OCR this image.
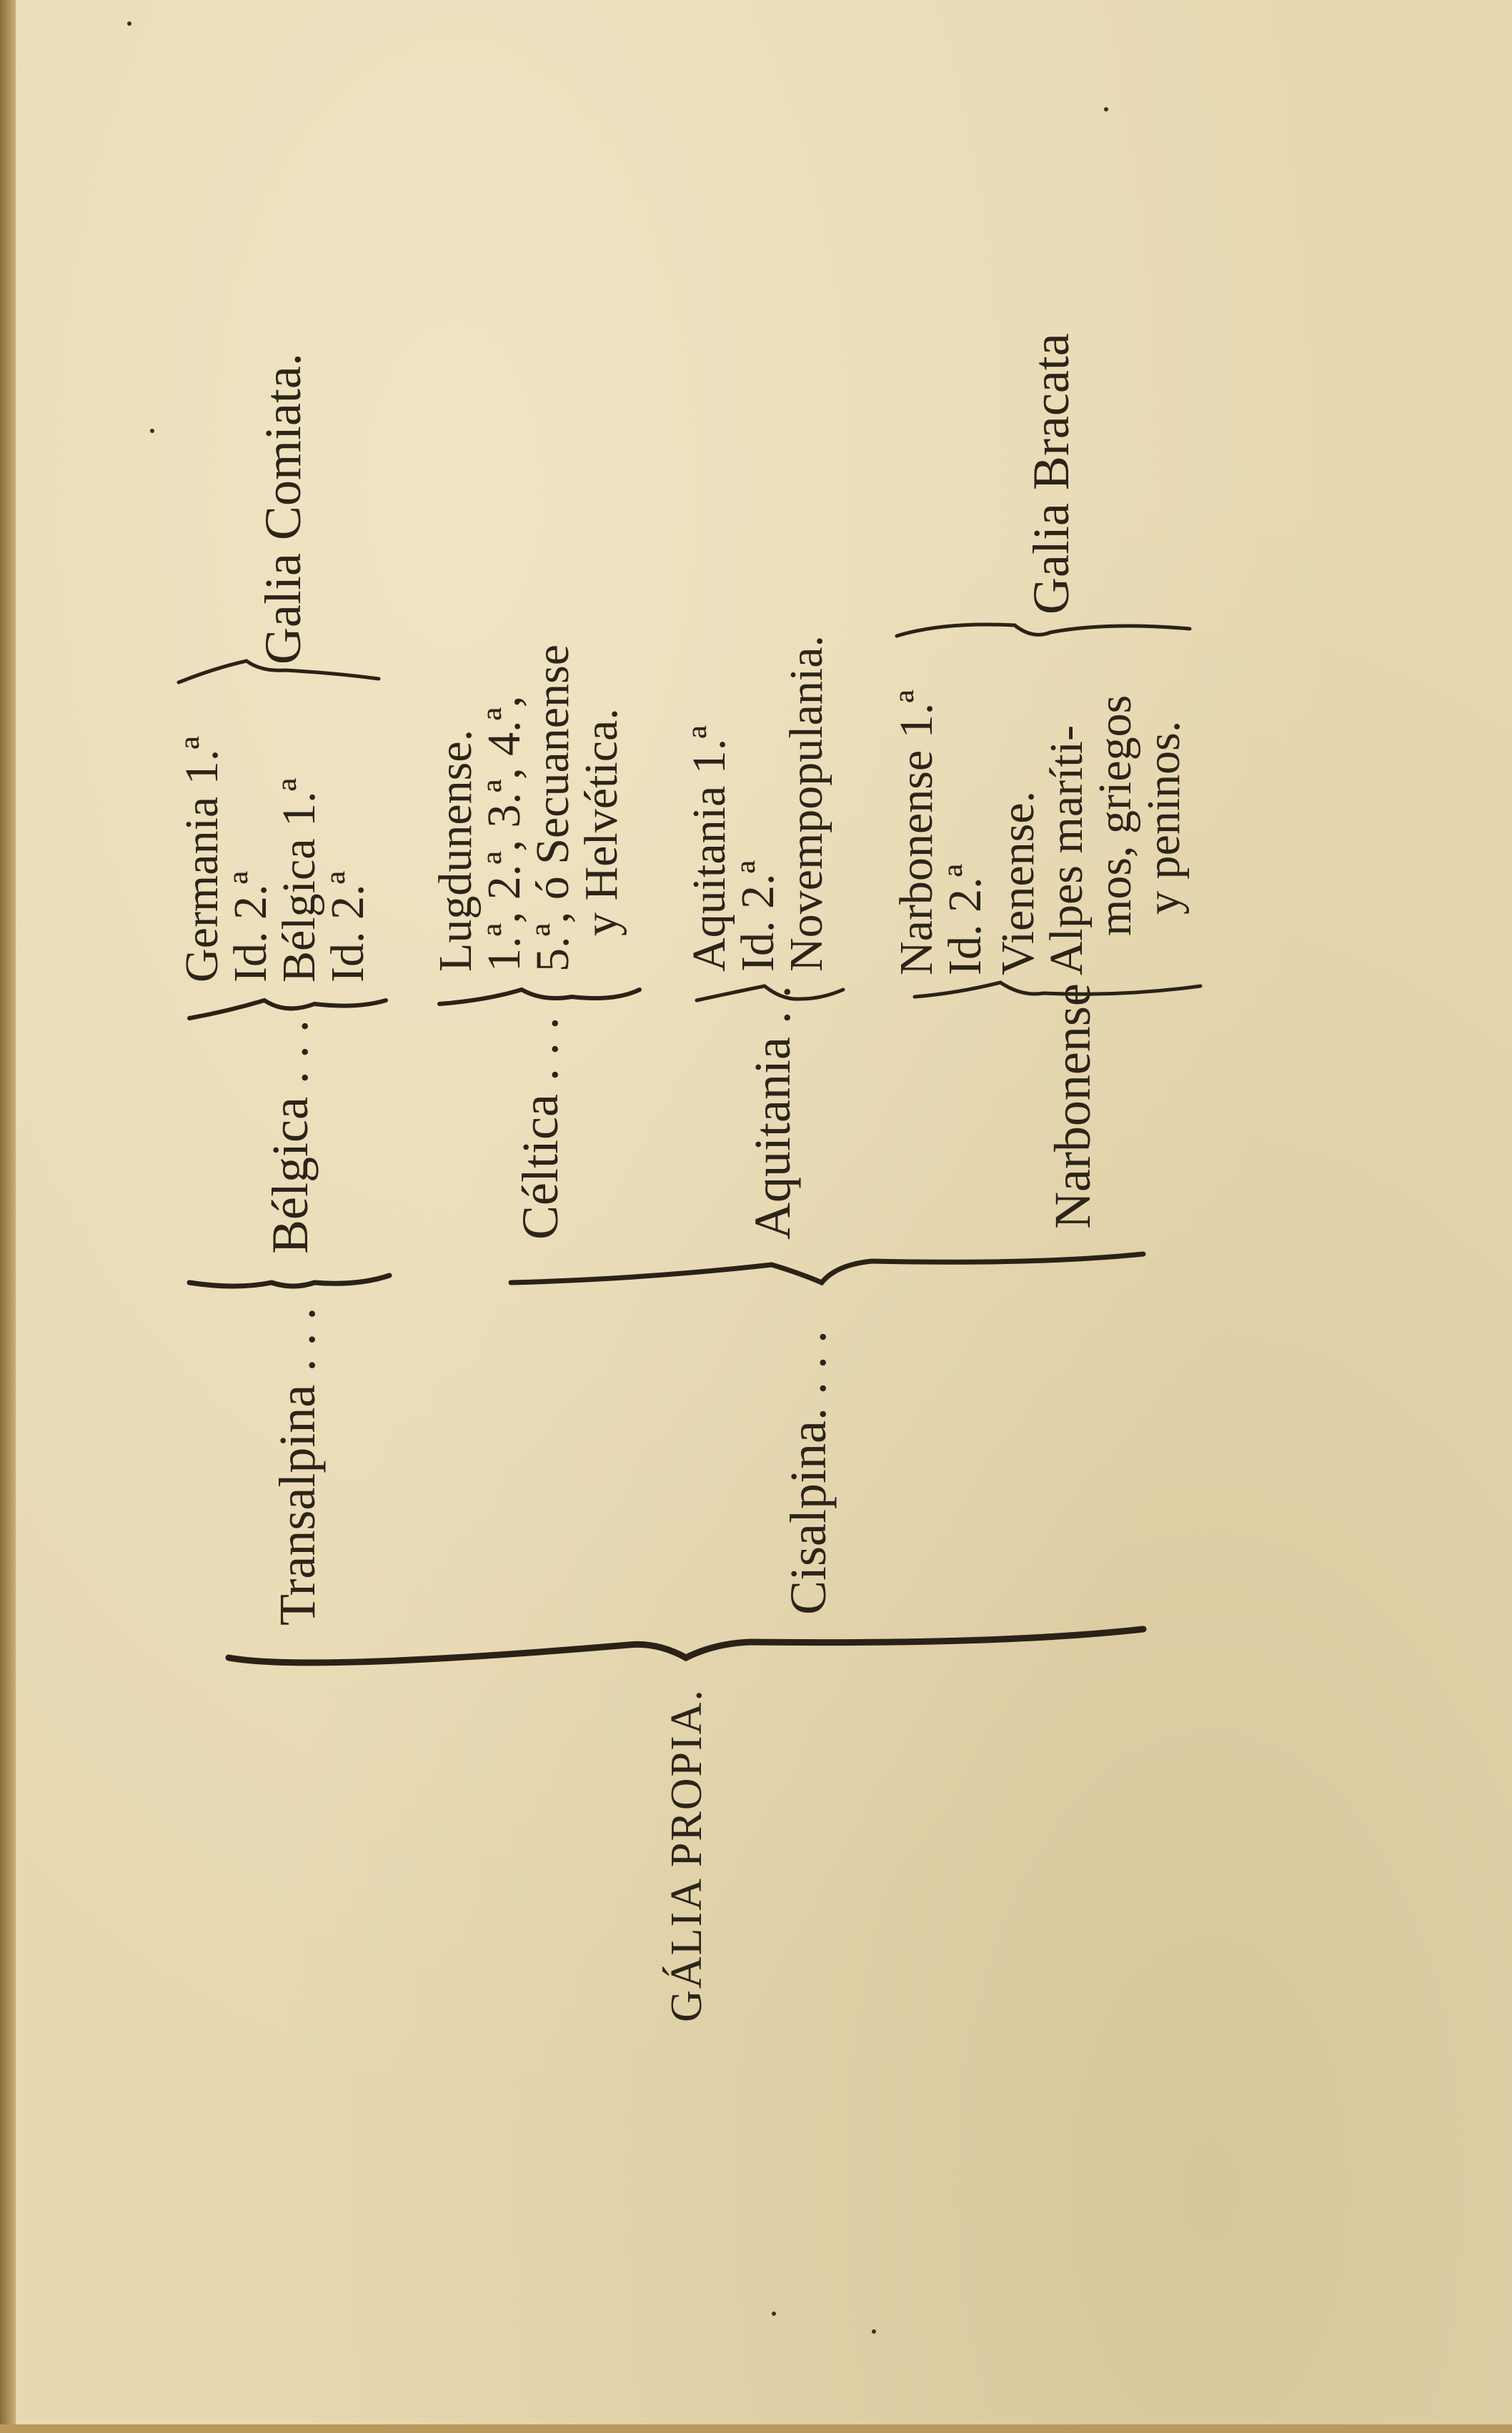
GÁLIA PROPIA.
Transalpina . . .
Bélgica . . .
Germania 1.ª
Id. 2.ª
Bélgica 1.ª
Id. 2.ª
Galia Comiata.
Céltica . . .
Lugdunense.
1.ª, 2.ª, 3.ª, 4.ª,
5.ª, ó Secuanense
y Helvética.
Cisalpina. . . .
Aquitania . .
Aquitania 1.ª
Id. 2.ª
Novempopulania.
Narbonense
Narbonense 1.ª
Id. 2.ª Vienense.
Alpes maríti-
mos, griegos
y peninos.
Galia Bracata
